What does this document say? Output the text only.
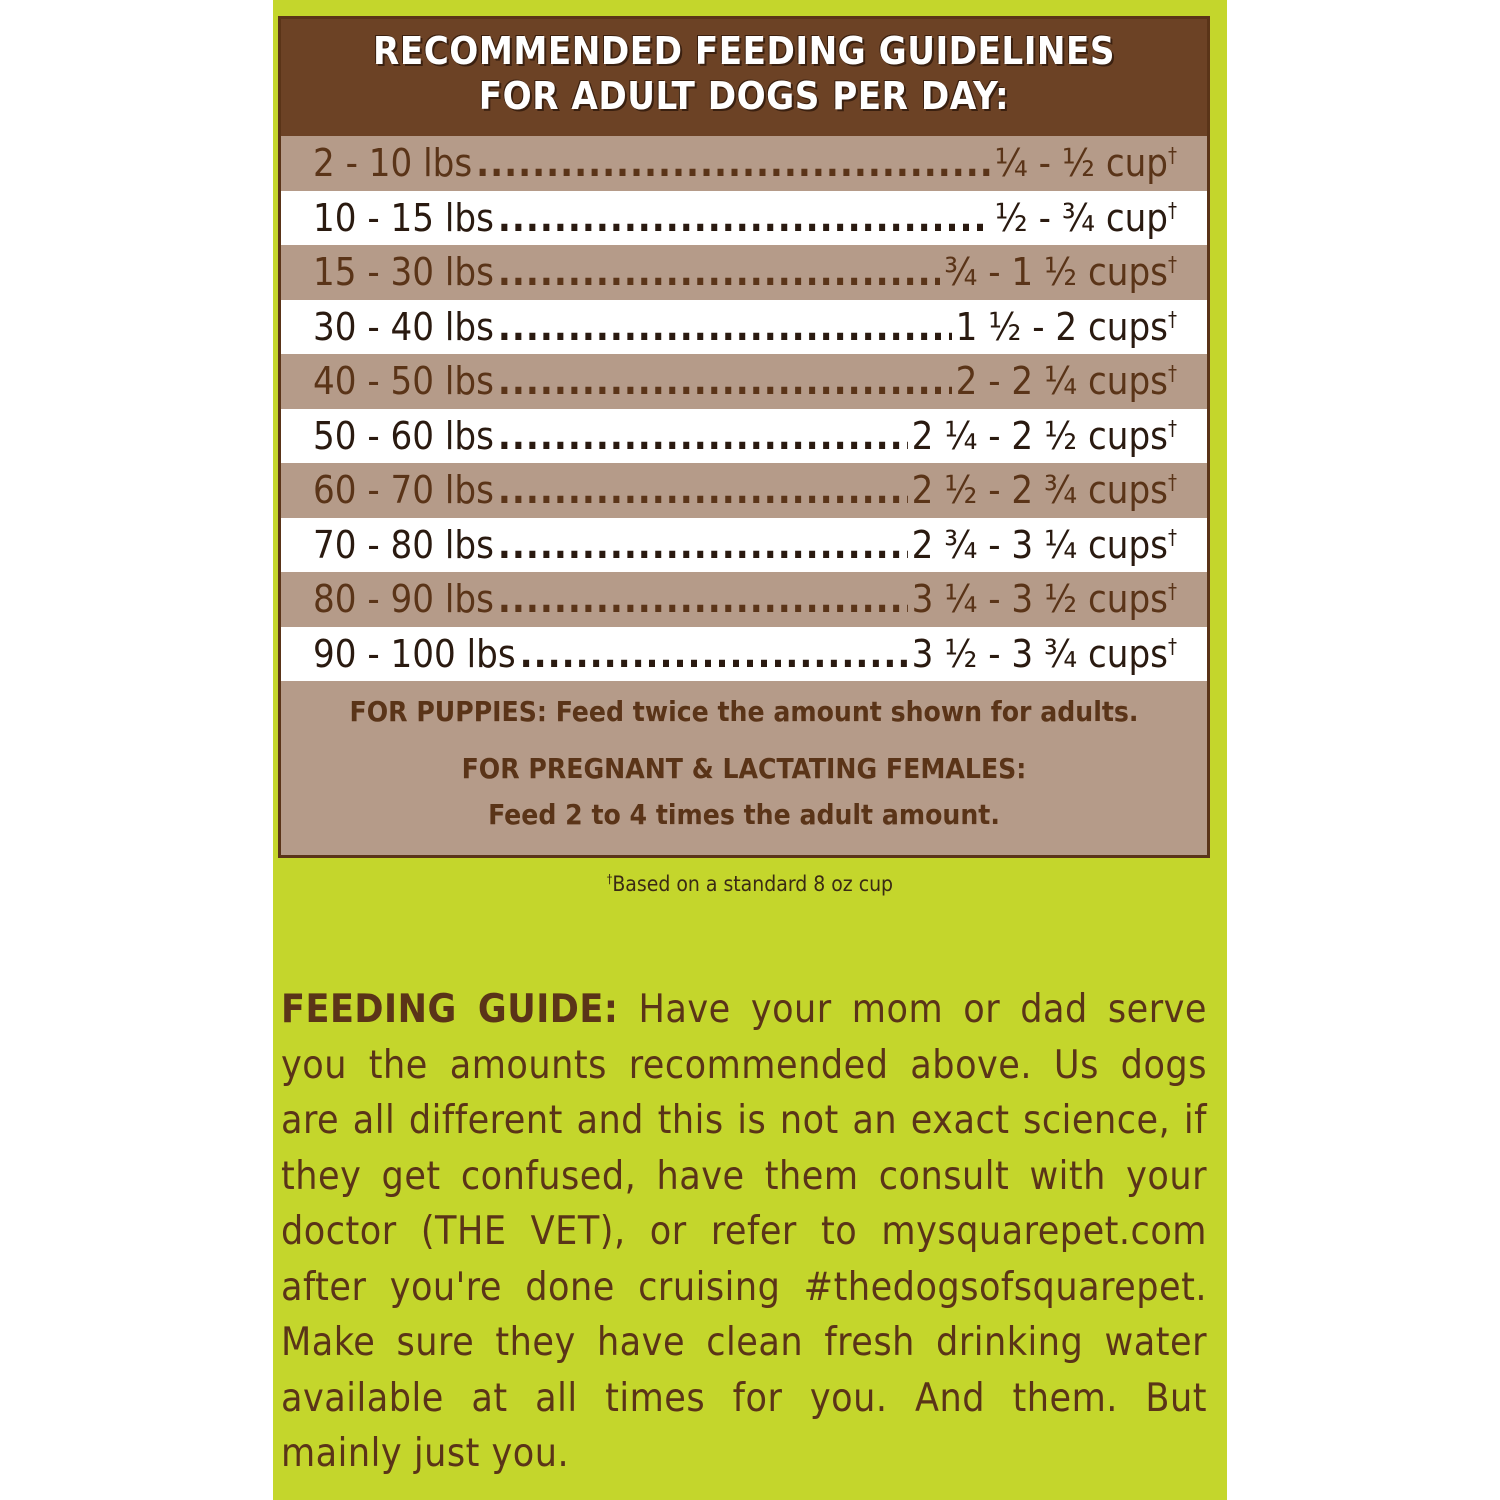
RECOMMENDED FEEDING GUIDELINES
FOR ADULT DOGS PER DAY:
2 - 10 lbs .....	¼ - ½ cup†
10 - 15 lbs .....	½ - ¾ cup†
15 - 30 lbs .....	¾ - 1 ½ cups†
30 - 40 lbs .....	1 ½ - 2 cups†
40 - 50 lbs .....	2 - 2 ¼ cups†
50 - 60 lbs .....	2 ¼ - 2 ½ cups†
60 - 70 lbs .....	2 ½ - 2 ¾ cups†
70 - 80 lbs .....	2 ¾ - 3 ¼ cups†
80 - 90 lbs .....	3 ¼ - 3 ½ cups†
90 - 100 lbs .....	3 ½ - 3 ¾ cups†
FOR PUPPIES: Feed twice the amount shown for adults.
FOR PREGNANT & LACTATING FEMALES:
Feed 2 to 4 times the adult amount.
†Based on a standard 8 oz cup
FEEDING GUIDE: Have your mom or dad serve you the amounts recommended above. Us dogs are all different and this is not an exact science, if they get confused, have them consult with your doctor (THE VET), or refer to mysquarepet.com after you're done cruising #thedogsofsquarepet. Make sure they have clean fresh drinking water available at all times for you. And them. But mainly just you.
